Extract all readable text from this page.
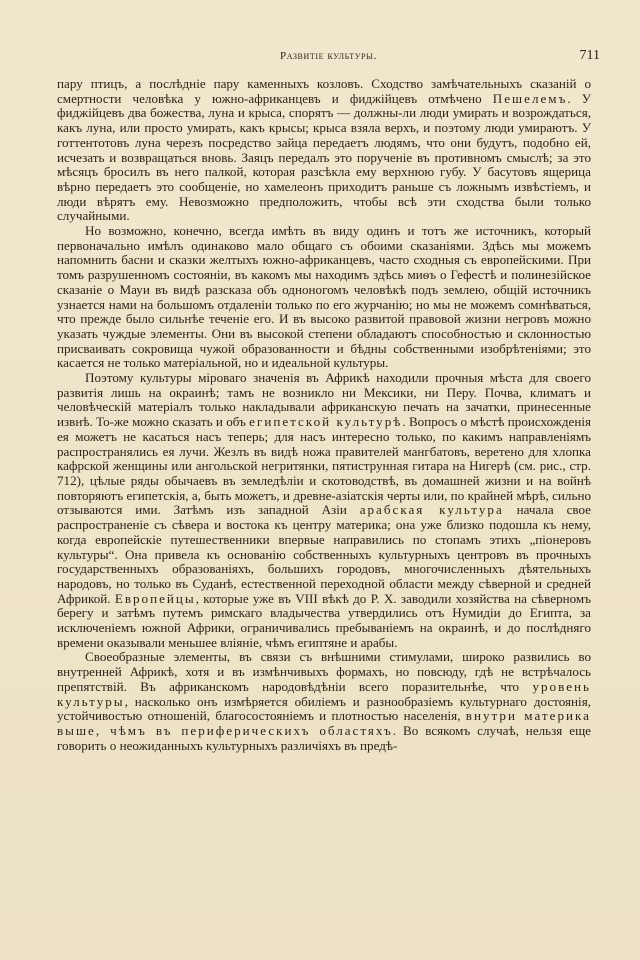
Развитіе культуры.	711

пару птицъ, а послѣдніе пару каменныхъ козловъ. Сходство замѣчательныхъ сказаній о смертности человѣка у южно-африканцевъ и фиджійцевъ отмѣчено Пешелемъ. У фиджійцевъ два божества, луна и крыса, спорятъ — должны-ли люди умирать и возрождаться, какъ луна, или просто умирать, какъ крысы; крыса взяла верхъ, и поэтому люди умираютъ. У готтентотовъ луна черезъ посредство зайца передаетъ людямъ, что они будутъ, подобно ей, исчезать и возвращаться вновь. Заяцъ передалъ это порученіе въ противномъ смыслѣ; за это мѣсяцъ бросилъ въ него палкой, которая разсѣкла ему верхнюю губу. У басутовъ ящерица вѣрно передаетъ это сообщеніе, но хамелеонъ приходитъ раньше съ ложнымъ извѣстіемъ, и люди вѣрятъ ему. Невозможно предположить, чтобы всѣ эти сходства были только случайными.

Но возможно, конечно, всегда имѣть въ виду одинъ и тотъ же источникъ, который первоначально имѣлъ одинаково мало общаго съ обоими сказаніями. Здѣсь мы можемъ напомнить басни и сказки желтыхъ южно-африканцевъ, часто сходныя съ европейскими. При томъ разрушенномъ состояніи, въ какомъ мы находимъ здѣсь миѳъ о Гефестѣ и полинезійское сказаніе о Мауи въ видѣ разсказа объ одноногомъ человѣкѣ подъ землею, общій источникъ узнается нами на большомъ отдаленіи только по его журчанію; но мы не можемъ сомнѣваться, что прежде было сильнѣе теченіе его. И въ высоко развитой правовой жизни негровъ можно указать чуждые элементы. Они въ высокой степени обладаютъ способностью и склонностью присваивать сокровища чужой образованности и бѣдны собственными изобрѣтеніями; это касается не только матеріальной, но и идеальной культуры.

Поэтому культуры міроваго значенія въ Африкѣ находили прочныя мѣста для своего развитія лишь на окраинѣ; тамъ не возникло ни Мексики, ни Перу. Почва, климатъ и человѣческій матеріалъ только накладывали африканскую печать на зачатки, принесенные извнѣ. То-же можно сказать и объ египетской культурѣ. Вопросъ о мѣстѣ происхожденія ея можетъ не касаться насъ теперь; для насъ интересно только, по какимъ направленіямъ распространялись ея лучи. Жезлъ въ видѣ ножа правителей мангбатовъ, веретено для хлопка кафрской женщины или ангольской негритянки, пятиструнная гитара на Нигерѣ (см. рис., стр. 712), цѣлые ряды обычаевъ въ земледѣліи и скотоводствѣ, въ домашней жизни и на войнѣ повторяютъ египетскія, а, быть можетъ, и древне-азіатскія черты или, по крайней мѣрѣ, сильно отзываются ими. Затѣмъ изъ западной Азіи арабская культура начала свое распространеніе съ сѣвера и востока къ центру материка; она уже близко подошла къ нему, когда европейскіе путешественники впервые направились по стопамъ этихъ „піонеровъ культуры“. Она привела къ основанію собственныхъ культурныхъ центровъ въ прочныхъ государственныхъ образованіяхъ, большихъ городовъ, многочисленныхъ дѣятельныхъ народовъ, но только въ Суданѣ, естественной переходной области между сѣверной и средней Африкой. Европейцы, которые уже въ VIII вѣкѣ до Р. Х. заводили хозяйства на сѣверномъ берегу и затѣмъ путемъ римскаго владычества утвердились отъ Нумидіи до Египта, за исключеніемъ южной Африки, ограничивались пребываніемъ на окраинѣ, и до послѣдняго времени оказывали меньшее вліяніе, чѣмъ египтяне и арабы.

Своеобразные элементы, въ связи съ внѣшними стимулами, широко развились во внутренней Африкѣ, хотя и въ измѣнчивыхъ формахъ, но повсюду, гдѣ не встрѣчалось препятствій. Въ африканскомъ народовѣдѣніи всего поразительнѣе, что уровень культуры, насколько онъ измѣряется обиліемъ и разнообразіемъ культурнаго достоянія, устойчивостью отношеній, благосостояніемъ и плотностью населенія, внутри материка выше, чѣмъ въ периферическихъ областяхъ. Во всякомъ случаѣ, нельзя еще говорить о неожиданныхъ культурныхъ различіяхъ въ предѣ-
